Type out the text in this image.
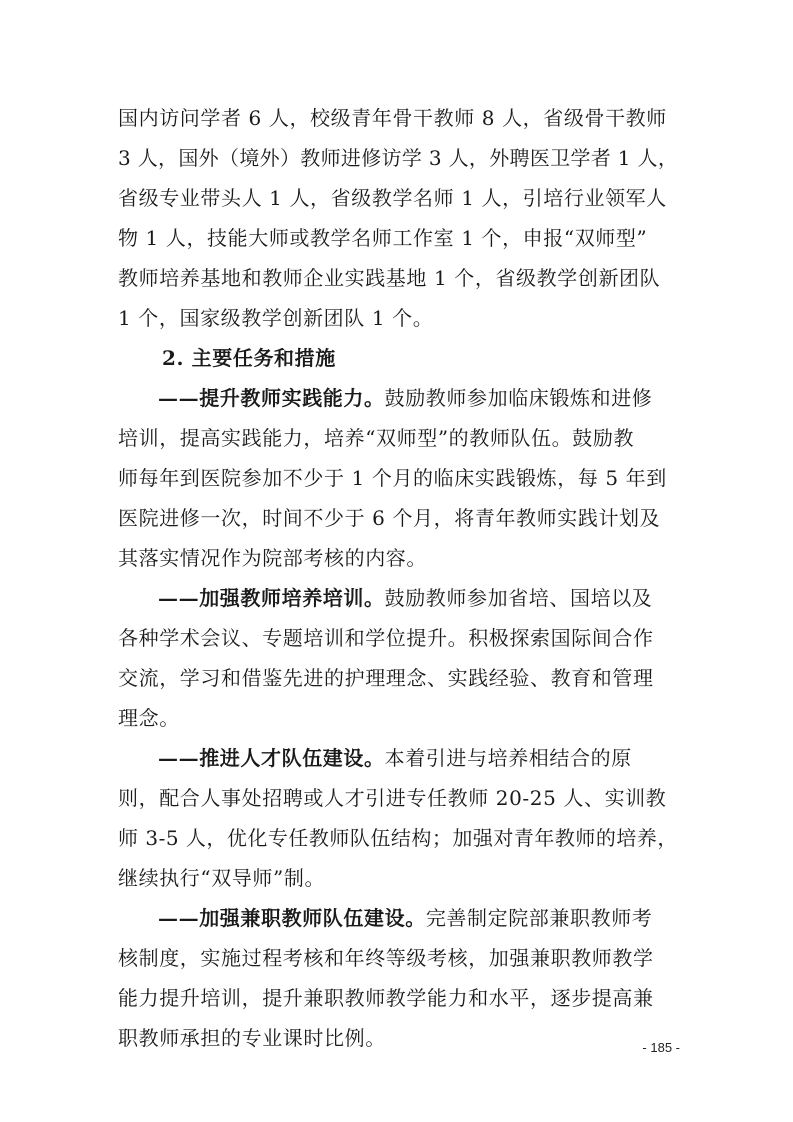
国内访问学者 6 人，校级青年骨干教师 8 人，省级骨干教师
3 人，国外（境外）教师进修访学 3 人，外聘医卫学者 1 人，
省级专业带头人 1 人，省级教学名师 1 人，引培行业领军人
物 1 人，技能大师或教学名师工作室 1 个，申报“双师型”
教师培养基地和教师企业实践基地 1 个，省级教学创新团队
1 个，国家级教学创新团队 1 个。
2. 主要任务和措施
——提升教师实践能力。鼓励教师参加临床锻炼和进修
培训，提高实践能力，培养“双师型”的教师队伍。鼓励教
师每年到医院参加不少于 1 个月的临床实践锻炼，每 5 年到
医院进修一次，时间不少于 6 个月，将青年教师实践计划及
其落实情况作为院部考核的内容。
——加强教师培养培训。鼓励教师参加省培、国培以及
各种学术会议、专题培训和学位提升。积极探索国际间合作
交流，学习和借鉴先进的护理理念、实践经验、教育和管理
理念。
——推进人才队伍建设。本着引进与培养相结合的原
则，配合人事处招聘或人才引进专任教师 20-25 人、实训教
师 3-5 人，优化专任教师队伍结构；加强对青年教师的培养，
继续执行“双导师”制。
——加强兼职教师队伍建设。完善制定院部兼职教师考
核制度，实施过程考核和年终等级考核，加强兼职教师教学
能力提升培训，提升兼职教师教学能力和水平，逐步提高兼
职教师承担的专业课时比例。	- 185 -
